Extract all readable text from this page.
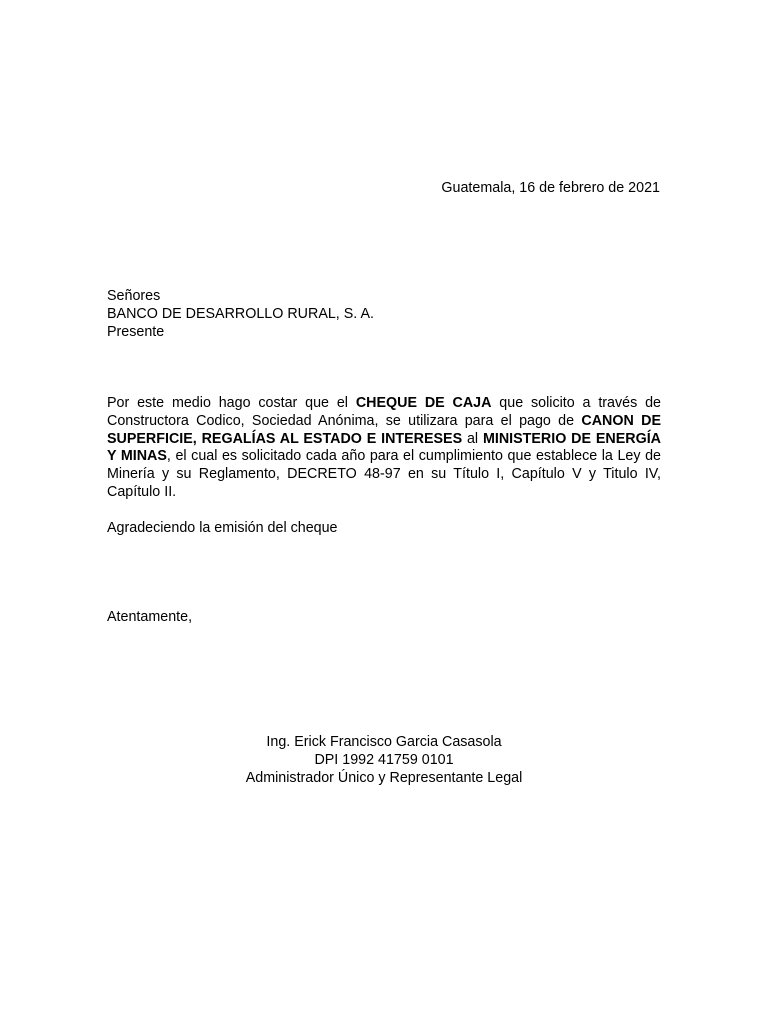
Guatemala, 16 de febrero de 2021
Señores
BANCO DE DESARROLLO RURAL, S. A.
Presente
Por este medio hago costar que el CHEQUE DE CAJA que solicito a través de Constructora Codico, Sociedad Anónima, se utilizara para el pago de CANON DE SUPERFICIE, REGALÍAS AL ESTADO E INTERESES al MINISTERIO DE ENERGÍA Y MINAS, el cual es solicitado cada año para el cumplimiento que establece la Ley de Minería y su Reglamento, DECRETO 48-97 en su Título I, Capítulo V y Titulo IV, Capítulo II.
Agradeciendo la emisión del cheque
Atentamente,
Ing. Erick Francisco Garcia Casasola
DPI 1992 41759 0101
Administrador Único y Representante Legal
